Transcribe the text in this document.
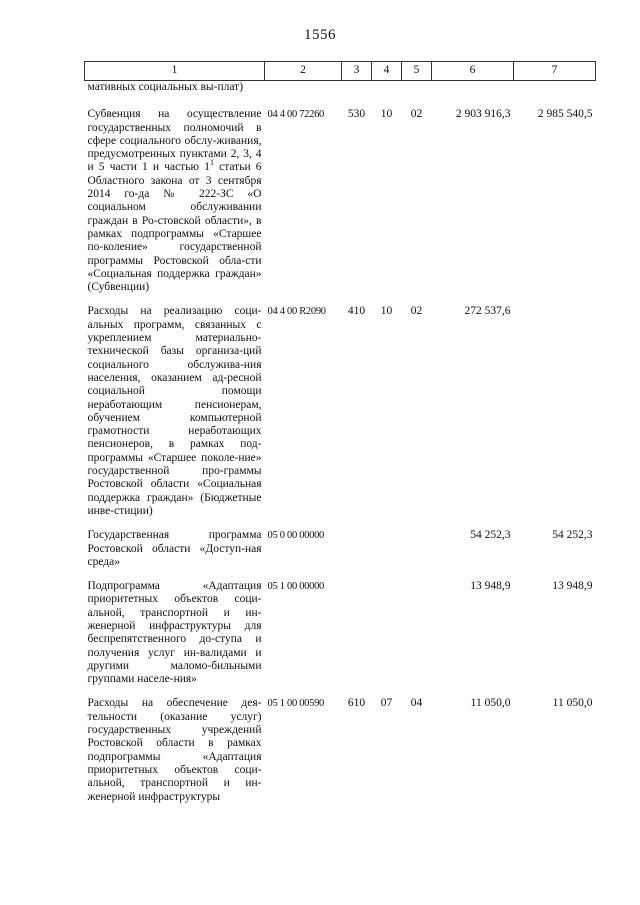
1556
1	2	3	4	5	6	7
мативных социальных вы-плат)						
Субвенция на осуществление государственных полномочий в сфере социального обслу-живания, предусмотренных пунктами 2, 3, 4 и 5 части 1 и частью $1^1$ статьи 6 Областного закона от 3 сентября 2014 го-да № 222-ЗС «О социальном обслуживании граждан в Ро-стовской области», в рамках подпрограммы «Старшее по-коление» государственной программы Ростовской обла-сти «Социальная поддержка граждан» (Субвенции)	04 4 00 72260	530	10	02	2 903 916,3	2 985 540,5
Расходы на реализацию соци-альных программ, связанных с укреплением материально-технической базы организа-ций социального обслужива-ния населения, оказанием ад-ресной социальной помощи неработающим пенсионерам, обучением компьютерной грамотности неработающих пенсионеров, в рамках под-программы «Старшее поколе-ние» государственной про-граммы Ростовской области «Социальная поддержка граждан» (Бюджетные инве-стиции)	04 4 00 R2090	410	10	02	272 537,6	
Государственная программа Ростовской области «Доступ-ная среда»	05 0 00 00000				54 252,3	54 252,3
Подпрограмма «Адаптация приоритетных объектов соци-альной, транспортной и ин-женерной инфраструктуры для беспрепятственного до-ступа и получения услуг ин-валидами и другими маломо-бильными группами населе-ния»	05 1 00 00000				13 948,9	13 948,9
Расходы на обеспечение дея-тельности (оказание услуг) государственных учреждений Ростовской области в рамках подпрограммы «Адаптация приоритетных объектов соци-альной, транспортной и ин-женерной инфраструктуры	05 1 00 00590	610	07	04	11 050,0	11 050,0
